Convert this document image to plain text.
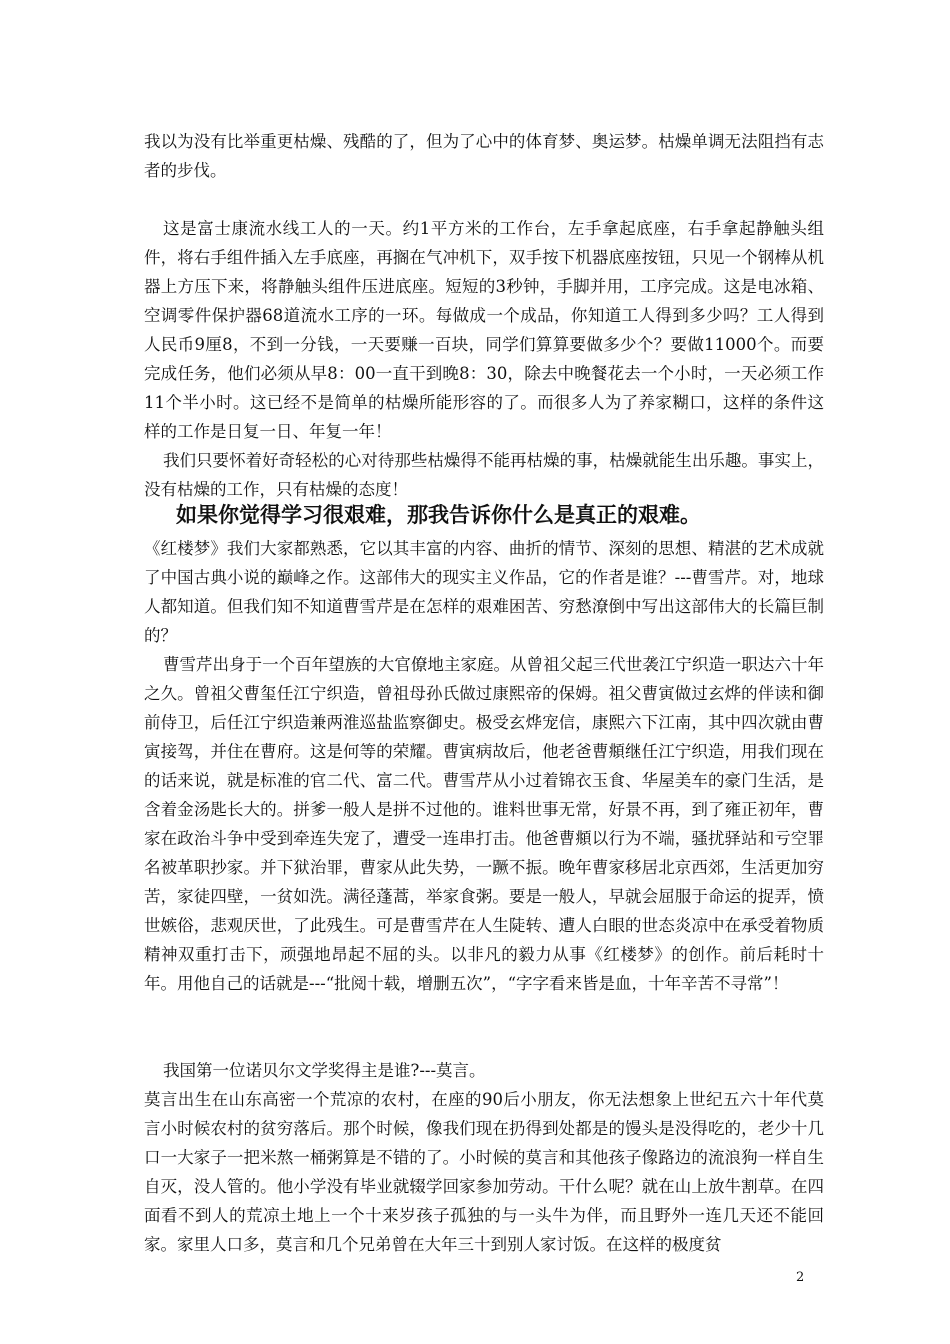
我以为没有比举重更枯燥、残酷的了，但为了心中的体育梦、奥运梦。枯燥单调无法阻挡有志者的步伐。

这是富士康流水线工人的一天。约1平方米的工作台，左手拿起底座，右手拿起静触头组件，将右手组件插入左手底座，再搁在气冲机下，双手按下机器底座按钮，只见一个钢棒从机器上方压下来，将静触头组件压进底座。短短的3秒钟，手脚并用，工序完成。这是电冰箱、空调零件保护器68道流水工序的一环。每做成一个成品，你知道工人得到多少吗？工人得到人民币9厘8，不到一分钱，一天要赚一百块，同学们算算要做多少个？要做11000个。而要完成任务，他们必须从早8：00一直干到晚8：30，除去中晚餐花去一个小时，一天必须工作11个半小时。这已经不是简单的枯燥所能形容的了。而很多人为了养家糊口，这样的条件这样的工作是日复一日、年复一年！

我们只要怀着好奇轻松的心对待那些枯燥得不能再枯燥的事，枯燥就能生出乐趣。事实上，没有枯燥的工作，只有枯燥的态度！

如果你觉得学习很艰难，那我告诉你什么是真正的艰难。

《红楼梦》我们大家都熟悉，它以其丰富的内容、曲折的情节、深刻的思想、精湛的艺术成就了中国古典小说的巅峰之作。这部伟大的现实主义作品，它的作者是谁？---曹雪芹。对，地球人都知道。但我们知不知道曹雪芹是在怎样的艰难困苦、穷愁潦倒中写出这部伟大的长篇巨制的？

曹雪芹出身于一个百年望族的大官僚地主家庭。从曾祖父起三代世袭江宁织造一职达六十年之久。曾祖父曹玺任江宁织造，曾祖母孙氏做过康熙帝的保姆。祖父曹寅做过玄烨的伴读和御前侍卫，后任江宁织造兼两淮巡盐监察御史。极受玄烨宠信，康熙六下江南，其中四次就由曹寅接驾，并住在曹府。这是何等的荣耀。曹寅病故后，他老爸曹頫继任江宁织造，用我们现在的话来说，就是标准的官二代、富二代。曹雪芹从小过着锦衣玉食、华屋美车的豪门生活，是含着金汤匙长大的。拼爹一般人是拼不过他的。谁料世事无常，好景不再，到了雍正初年，曹家在政治斗争中受到牵连失宠了，遭受一连串打击。他爸曹頫以行为不端，骚扰驿站和亏空罪名被革职抄家。并下狱治罪，曹家从此失势，一蹶不振。晚年曹家移居北京西郊，生活更加穷苦，家徒四壁，一贫如洗。满径蓬蒿，举家食粥。要是一般人，早就会屈服于命运的捉弄，愤世嫉俗，悲观厌世，了此残生。可是曹雪芹在人生陡转、遭人白眼的世态炎凉中在承受着物质精神双重打击下，顽强地昂起不屈的头。以非凡的毅力从事《红楼梦》的创作。前后耗时十年。用他自己的话就是---“批阅十载，增删五次”，“字字看来皆是血，十年辛苦不寻常”！

我国第一位诺贝尔文学奖得主是谁?---莫言。

莫言出生在山东高密一个荒凉的农村，在座的90后小朋友，你无法想象上世纪五六十年代莫言小时候农村的贫穷落后。那个时候，像我们现在扔得到处都是的馒头是没得吃的，老少十几口一大家子一把米熬一桶粥算是不错的了。小时候的莫言和其他孩子像路边的流浪狗一样自生自灭，没人管的。他小学没有毕业就辍学回家参加劳动。干什么呢？就在山上放牛割草。在四面看不到人的荒凉土地上一个十来岁孩子孤独的与一头牛为伴，而且野外一连几天还不能回家。家里人口多，莫言和几个兄弟曾在大年三十到别人家讨饭。在这样的极度贫

2
